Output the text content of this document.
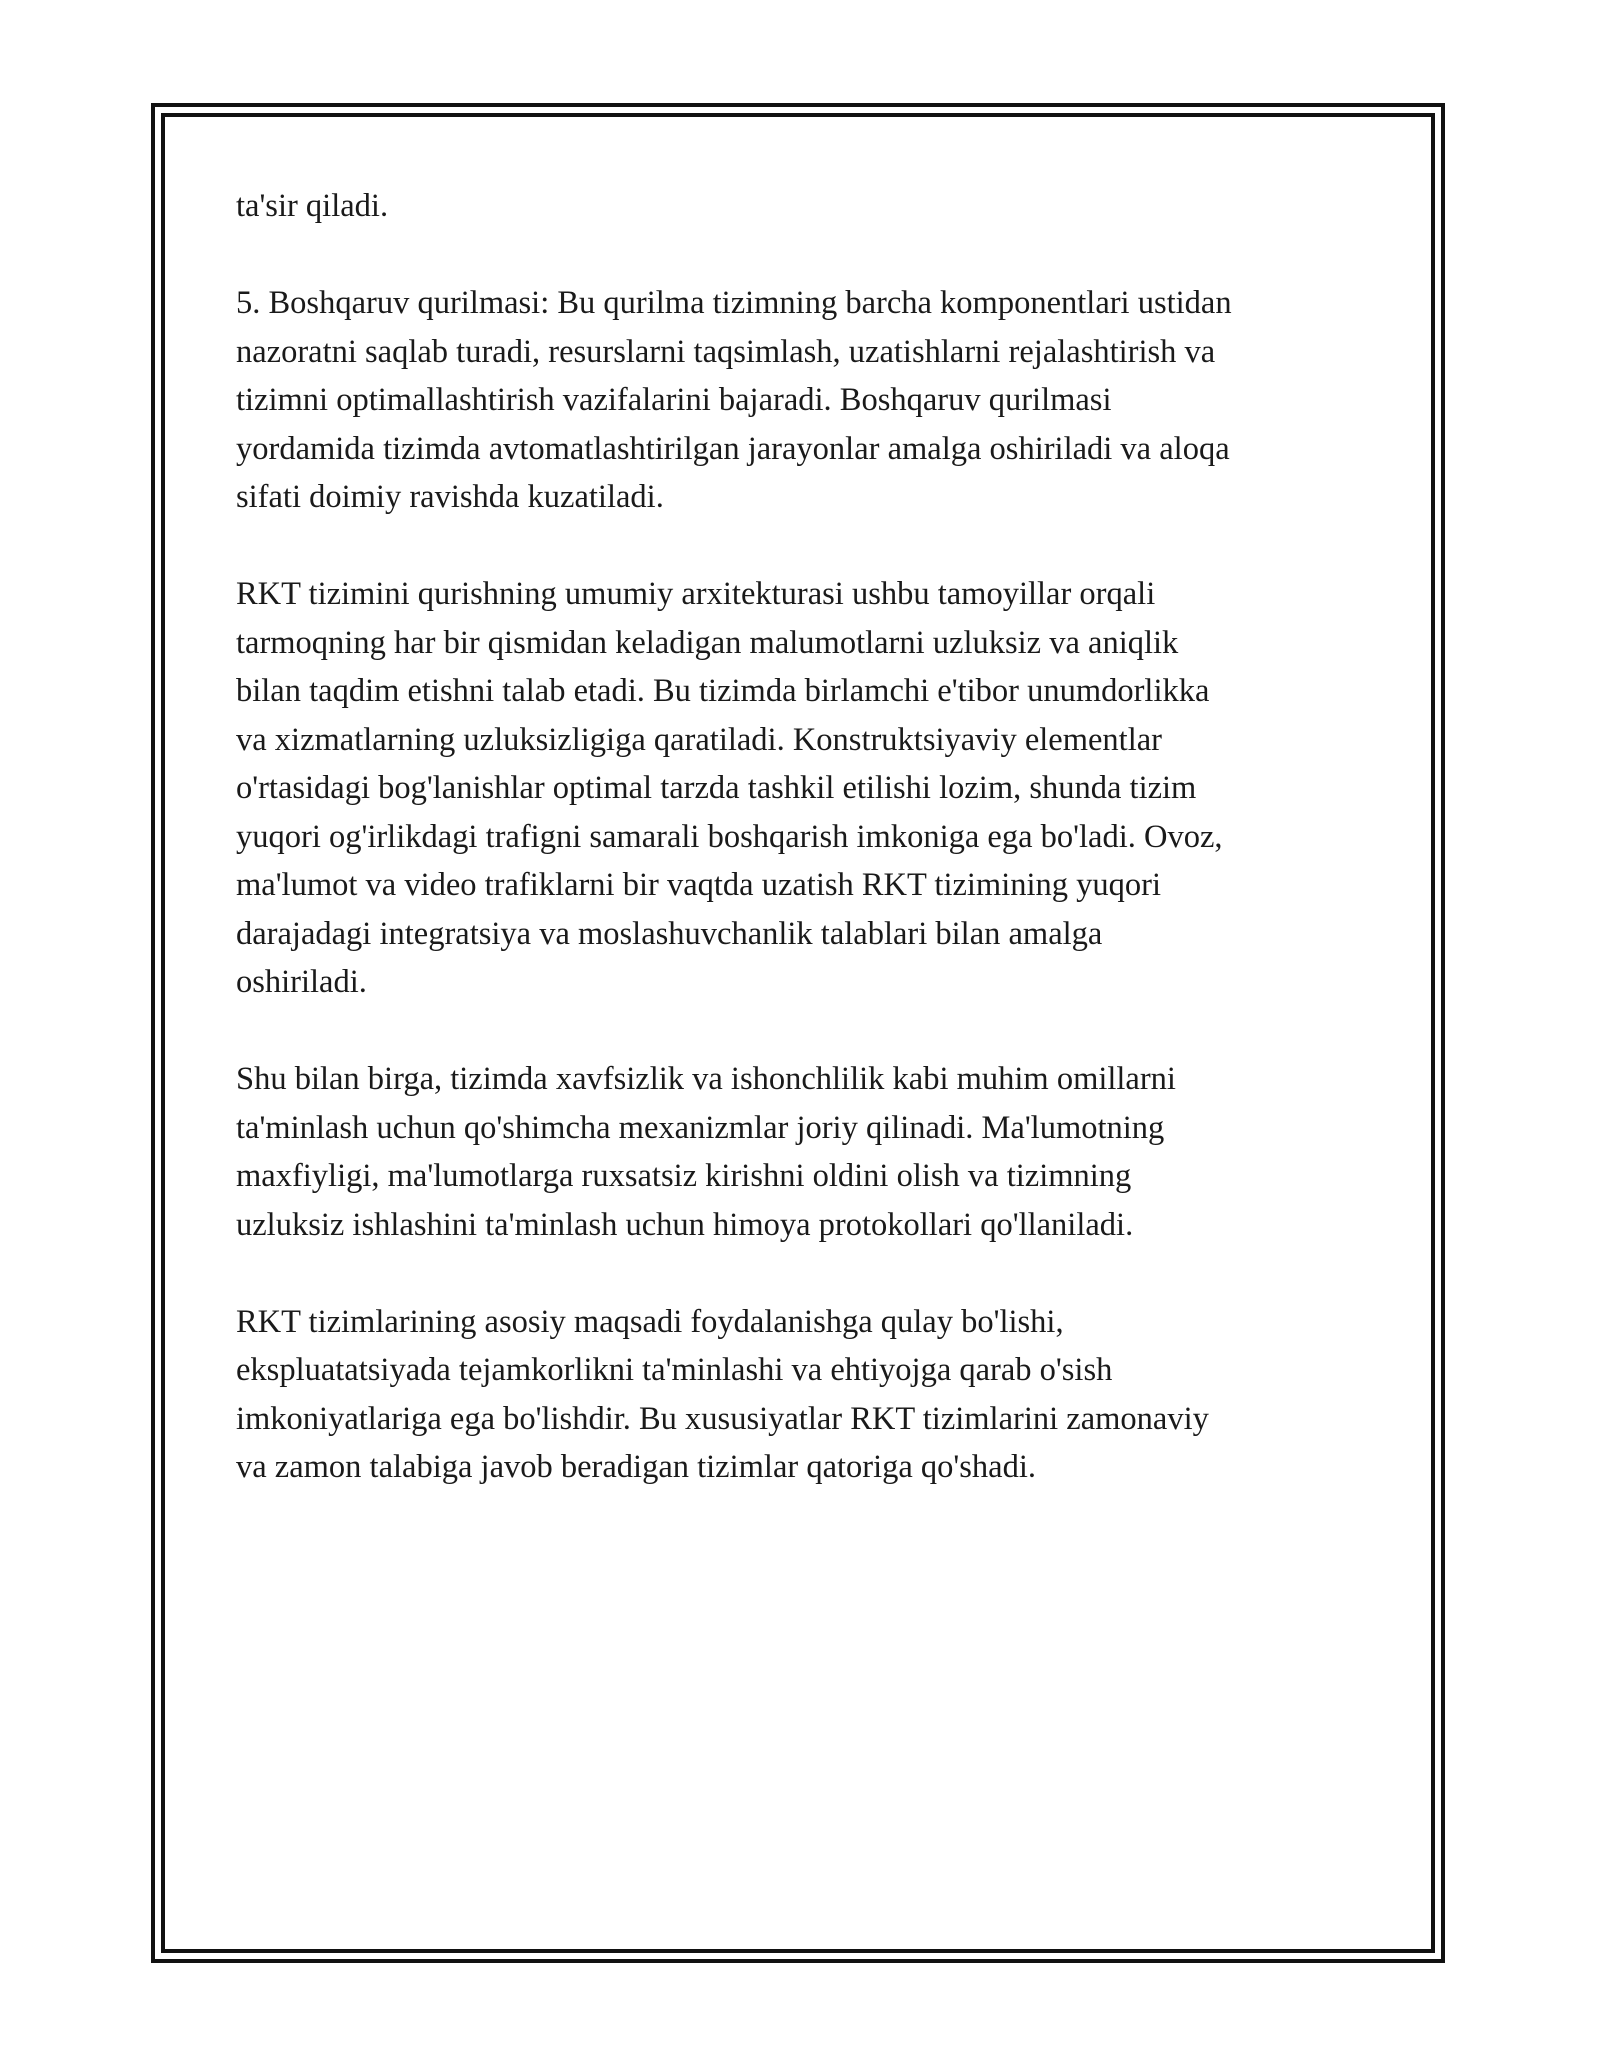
ta'sir qiladi.

5. Boshqaruv qurilmasi: Bu qurilma tizimning barcha komponentlari ustidan
nazoratni saqlab turadi, resurslarni taqsimlash, uzatishlarni rejalashtirish va
tizimni optimallashtirish vazifalarini bajaradi. Boshqaruv qurilmasi
yordamida tizimda avtomatlashtirilgan jarayonlar amalga oshiriladi va aloqa
sifati doimiy ravishda kuzatiladi.

RKT tizimini qurishning umumiy arxitekturasi ushbu tamoyillar orqali
tarmoqning har bir qismidan keladigan malumotlarni uzluksiz va aniqlik
bilan taqdim etishni talab etadi. Bu tizimda birlamchi e'tibor unumdorlikka
va xizmatlarning uzluksizligiga qaratiladi. Konstruktsiyaviy elementlar
o'rtasidagi bog'lanishlar optimal tarzda tashkil etilishi lozim, shunda tizim
yuqori og'irlikdagi trafigni samarali boshqarish imkoniga ega bo'ladi. Ovoz,
ma'lumot va video trafiklarni bir vaqtda uzatish RKT tizimining yuqori
darajadagi integratsiya va moslashuvchanlik talablari bilan amalga
oshiriladi.

Shu bilan birga, tizimda xavfsizlik va ishonchlilik kabi muhim omillarni
ta'minlash uchun qo'shimcha mexanizmlar joriy qilinadi. Ma'lumotning
maxfiyligi, ma'lumotlarga ruxsatsiz kirishni oldini olish va tizimning
uzluksiz ishlashini ta'minlash uchun himoya protokollari qo'llaniladi.

RKT tizimlarining asosiy maqsadi foydalanishga qulay bo'lishi,
ekspluatatsiyada tejamkorlikni ta'minlashi va ehtiyojga qarab o'sish
imkoniyatlariga ega bo'lishdir. Bu xususiyatlar RKT tizimlarini zamonaviy
va zamon talabiga javob beradigan tizimlar qatoriga qo'shadi.
